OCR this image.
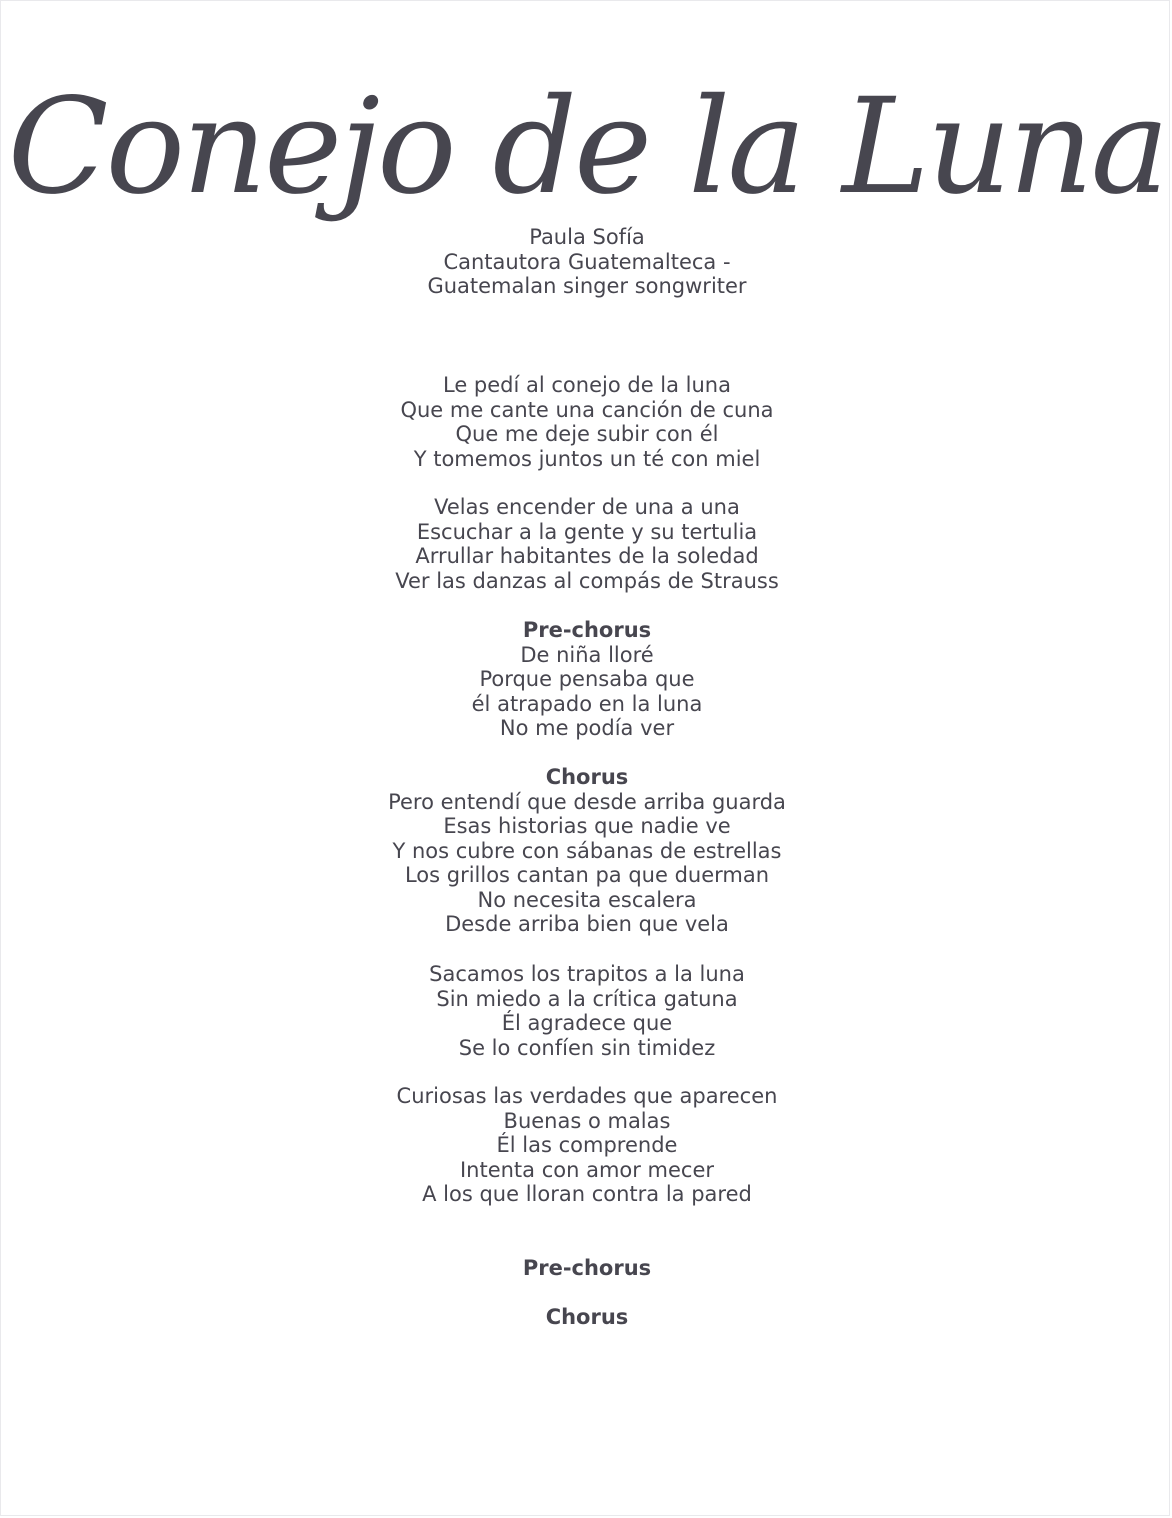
Conejo de la Luna
Paula Sofía
Cantautora Guatemalteca -
Guatemalan singer songwriter
Le pedí al conejo de la luna
Que me cante una canción de cuna
Que me deje subir con él
Y tomemos juntos un té con miel
Velas encender de una a una
Escuchar a la gente y su tertulia
Arrullar habitantes de la soledad
Ver las danzas al compás de Strauss
Pre-chorus
De niña lloré
Porque pensaba que
él atrapado en la luna
No me podía ver
Chorus
Pero entendí que desde arriba guarda
Esas historias que nadie ve
Y nos cubre con sábanas de estrellas
Los grillos cantan pa que duerman
No necesita escalera
Desde arriba bien que vela
Sacamos los trapitos a la luna
Sin miedo a la crítica gatuna
Él agradece que
Se lo confíen sin timidez
Curiosas las verdades que aparecen
Buenas o malas
Él las comprende
Intenta con amor mecer
A los que lloran contra la pared
Pre-chorus
Chorus
